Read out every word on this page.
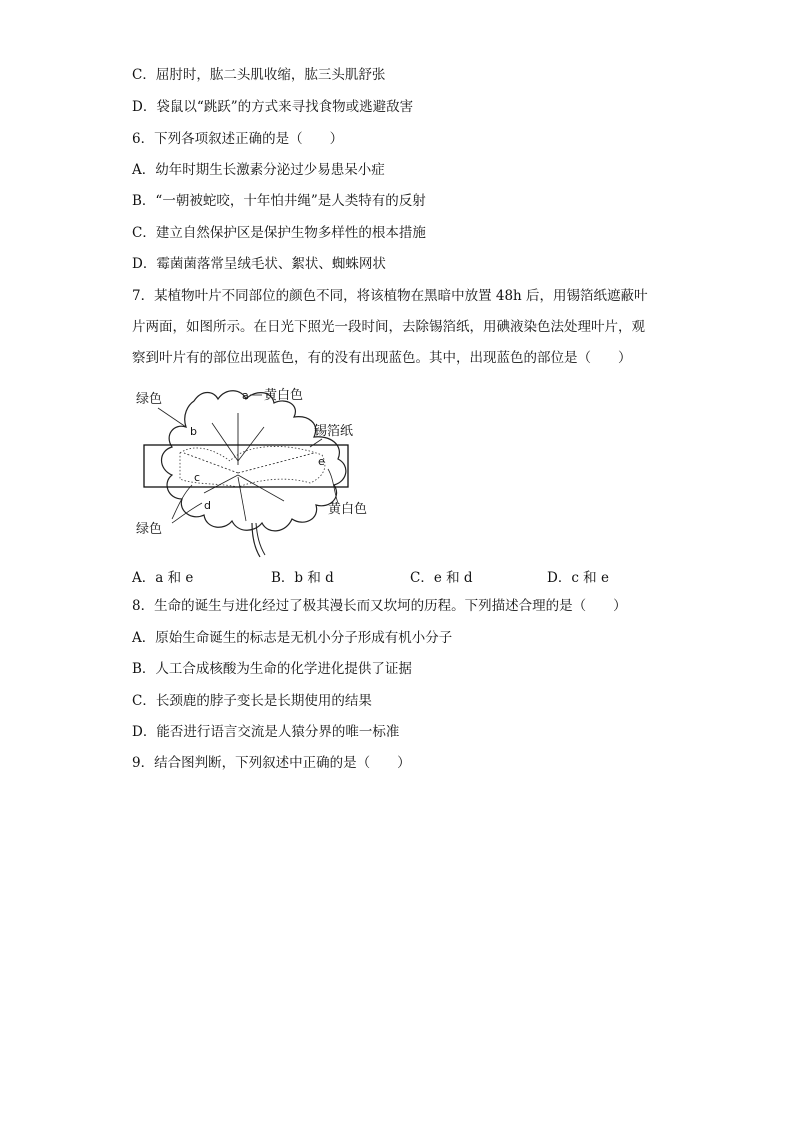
C．屈肘时，肱二头肌收缩，肱三头肌舒张
D．袋鼠以“跳跃”的方式来寻找食物或逃避敌害
6．下列各项叙述正确的是（　　）
A．幼年时期生长激素分泌过少易患呆小症
B．“一朝被蛇咬，十年怕井绳”是人类特有的反射
C．建立自然保护区是保护生物多样性的根本措施
D．霉菌菌落常呈绒毛状、絮状、蜘蛛网状
7．某植物叶片不同部位的颜色不同，将该植物在黑暗中放置 48h 后，用锡箔纸遮蔽叶
片两面，如图所示。在日光下照光一段时间，去除锡箔纸，用碘液染色法处理叶片，观
察到叶片有的部位出现蓝色，有的没有出现蓝色。其中，出现蓝色的部位是（　　）
绿色	a 黄白色
b	锡箔纸
e
c
d	黄白色
绿色
A．a 和 e	B．b 和 d	C．e 和 d	D．c 和 e
8．生命的诞生与进化经过了极其漫长而又坎坷的历程。下列描述合理的是（　　）
A．原始生命诞生的标志是无机小分子形成有机小分子
B．人工合成核酸为生命的化学进化提供了证据
C．长颈鹿的脖子变长是长期使用的结果
D．能否进行语言交流是人猿分界的唯一标准
9．结合图判断，下列叙述中正确的是（　　）
